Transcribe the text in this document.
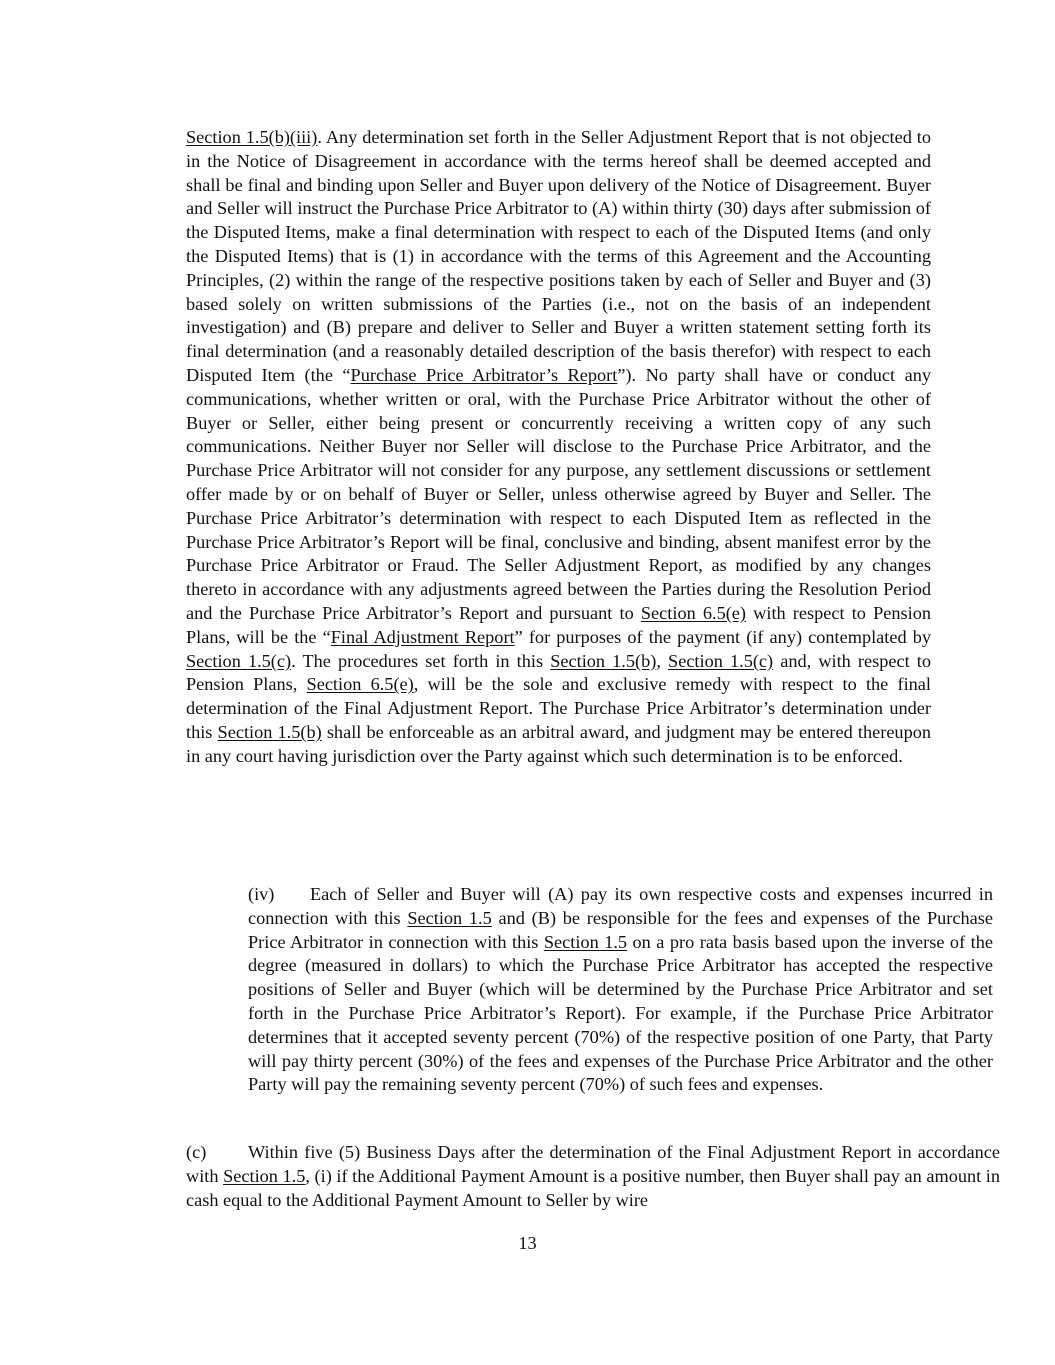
Section 1.5(b)(iii). Any determination set forth in the Seller Adjustment Report that is not objected to in the Notice of Disagreement in accordance with the terms hereof shall be deemed accepted and shall be final and binding upon Seller and Buyer upon delivery of the Notice of Disagreement. Buyer and Seller will instruct the Purchase Price Arbitrator to (A) within thirty (30) days after submission of the Disputed Items, make a final determination with respect to each of the Disputed Items (and only the Disputed Items) that is (1) in accordance with the terms of this Agreement and the Accounting Principles, (2) within the range of the respective positions taken by each of Seller and Buyer and (3) based solely on written submissions of the Parties (i.e., not on the basis of an independent investigation) and (B) prepare and deliver to Seller and Buyer a written statement setting forth its final determination (and a reasonably detailed description of the basis therefor) with respect to each Disputed Item (the “Purchase Price Arbitrator’s Report”). No party shall have or conduct any communications, whether written or oral, with the Purchase Price Arbitrator without the other of Buyer or Seller, either being present or concurrently receiving a written copy of any such communications. Neither Buyer nor Seller will disclose to the Purchase Price Arbitrator, and the Purchase Price Arbitrator will not consider for any purpose, any settlement discussions or settlement offer made by or on behalf of Buyer or Seller, unless otherwise agreed by Buyer and Seller. The Purchase Price Arbitrator’s determination with respect to each Disputed Item as reflected in the Purchase Price Arbitrator’s Report will be final, conclusive and binding, absent manifest error by the Purchase Price Arbitrator or Fraud. The Seller Adjustment Report, as modified by any changes thereto in accordance with any adjustments agreed between the Parties during the Resolution Period and the Purchase Price Arbitrator’s Report and pursuant to Section 6.5(e) with respect to Pension Plans, will be the “Final Adjustment Report” for purposes of the payment (if any) contemplated by Section 1.5(c). The procedures set forth in this Section 1.5(b), Section 1.5(c) and, with respect to Pension Plans, Section 6.5(e), will be the sole and exclusive remedy with respect to the final determination of the Final Adjustment Report. The Purchase Price Arbitrator’s determination under this Section 1.5(b) shall be enforceable as an arbitral award, and judgment may be entered thereupon in any court having jurisdiction over the Party against which such determination is to be enforced.

(iv) Each of Seller and Buyer will (A) pay its own respective costs and expenses incurred in connection with this Section 1.5 and (B) be responsible for the fees and expenses of the Purchase Price Arbitrator in connection with this Section 1.5 on a pro rata basis based upon the inverse of the degree (measured in dollars) to which the Purchase Price Arbitrator has accepted the respective positions of Seller and Buyer (which will be determined by the Purchase Price Arbitrator and set forth in the Purchase Price Arbitrator’s Report). For example, if the Purchase Price Arbitrator determines that it accepted seventy percent (70%) of the respective position of one Party, that Party will pay thirty percent (30%) of the fees and expenses of the Purchase Price Arbitrator and the other Party will pay the remaining seventy percent (70%) of such fees and expenses.

(c) Within five (5) Business Days after the determination of the Final Adjustment Report in accordance with Section 1.5, (i) if the Additional Payment Amount is a positive number, then Buyer shall pay an amount in cash equal to the Additional Payment Amount to Seller by wire

13
